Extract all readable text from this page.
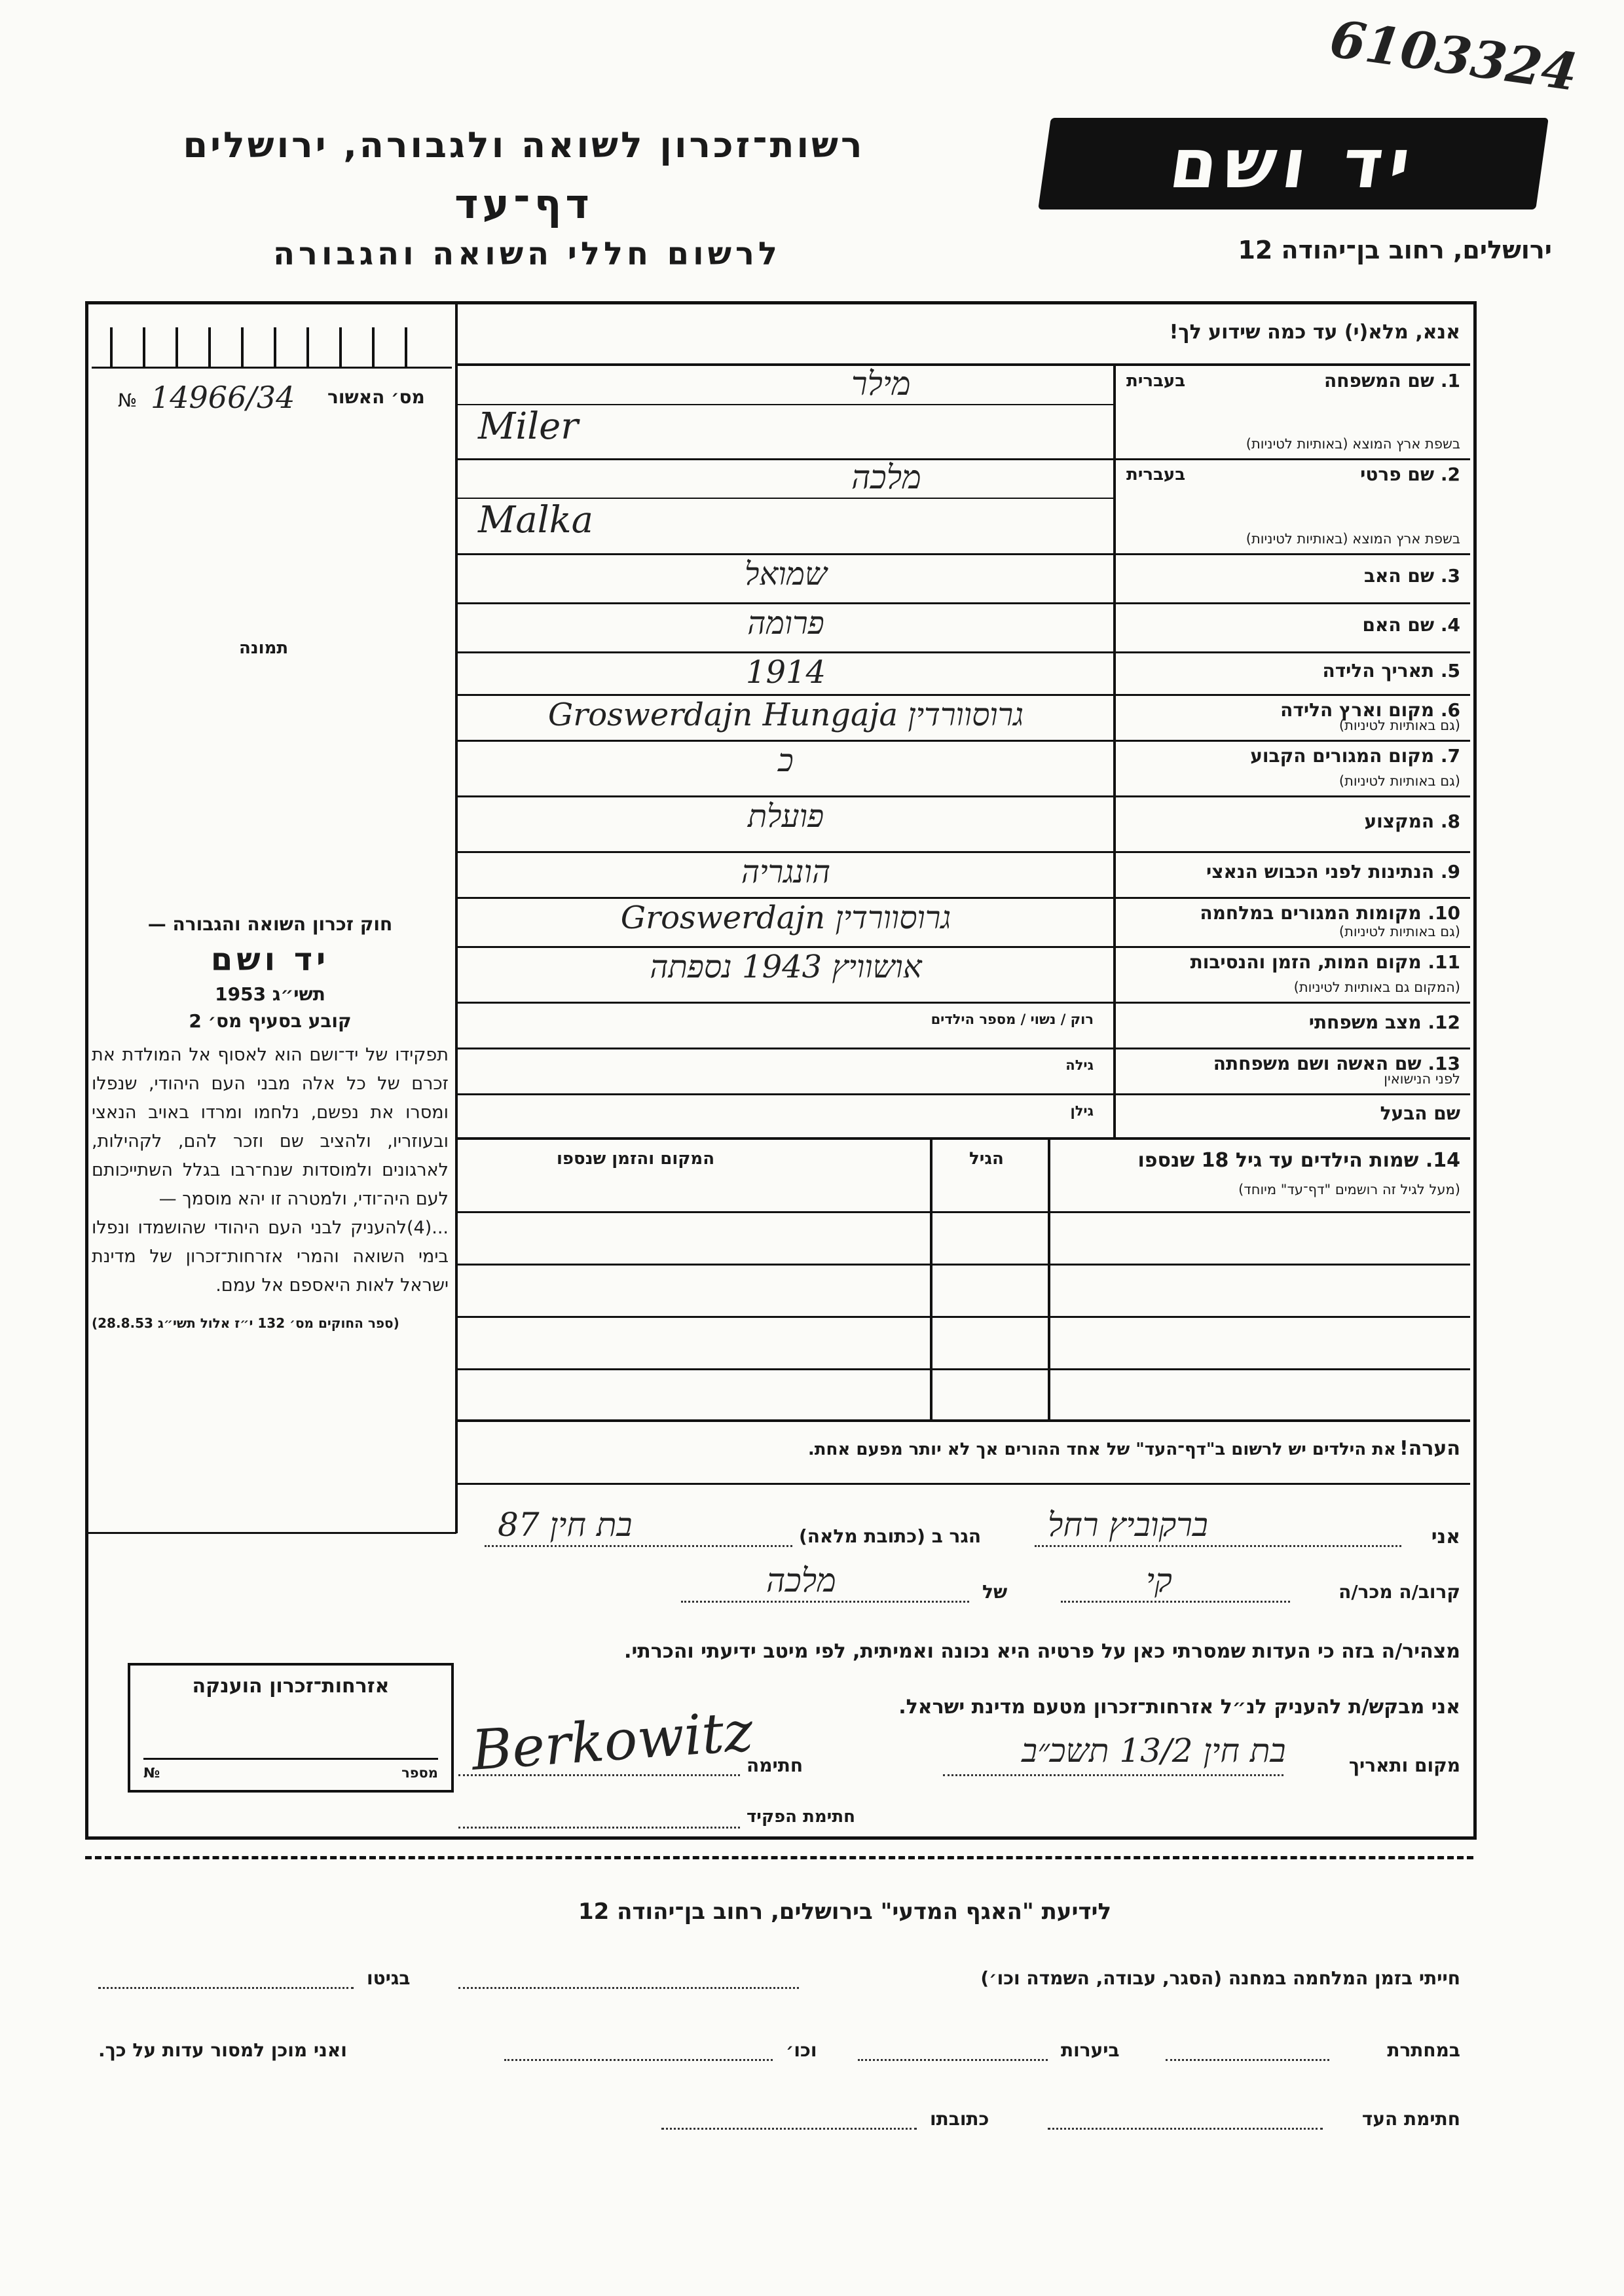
6103324
רשות־זכרון לשואה ולגבורה, ירושלים
דף־עד
לרשום חללי השואה והגבורה
יד ושם
ירושלים, רחוב בן־יהודה 12
№ 14966/34 מס׳ האשור
תמונה
אנא, מלא(י) עד כמה שידוע לך!
1. שם המשפחה
בשפת ארץ המוצא (באותיות לטיניות)
בעברית
מילר
Miler
2. שם פרטי
בשפת ארץ המוצא (באותיות לטיניות)
בעברית
מלכה
Malka
3. שם האב
שמואל
4. שם האם
פרומה
5. תאריך הלידה
1914
6. מקום וארץ הלידה
(גם באותיות לטיניות)
גרוסוורדין Groswerdajn Hungaja
7. מקום המגורים הקבוע
(גם באותיות לטיניות)
כ
8. המקצוע
פועלת
9. הנתינות לפני הכבוש הנאצי
הונגריה
10. מקומות המגורים במלחמה
(גם באותיות לטיניות)
גרוסוורדין Groswerdajn
11. מקום המות, הזמן והנסיבות
(המקום גם באותיות לטיניות)
אושוויץ 1943 נספתה
12. מצב משפחתי
רוק / נשוי / מספר הילדים
13. שם האשה ושם משפחתה
לפני הנישואין
גילה
שם הבעל
גילן
14. שמות הילדים עד גיל 18 שנספו
(מעל לגיל זה רושמים "דף־עד" מיוחד)
הגיל
המקום והזמן שנספו
הערה! את הילדים יש לרשום ב"דף־העד" של אחד ההורים אך לא יותר מפעם אחת.
חוק זכרון השואה והגבורה —
יד ושם
תשי״ג 1953
קובע בסעיף מס׳ 2
תפקידו של יד־ושם הוא לאסוף אל המולדת את זכרם של כל אלה מבני העם היהודי, שנפלו ומסרו את נפשם, נלחמו ומרדו באויב הנאצי ובעוזריו, ולהציב שם וזכר להם, לקהילות, לארגונים ולמוסדות שנח־רבו בגלל השתייכותם לעם היה־ודי, ולמטרה זו יהא מוסמך —
...(4)להעניק לבני העם היהודי שהושמדו ונפלו בימי השואה והמרי אזרחות־זכרון של מדינת ישראל לאות היאספם אל עמם.
(ספר החוקים מס׳ 132 י״ז אלול תשי״ג 28.8.53)
אזרחות־זכרון הוענקה
מספר
№
אני
ברקוביץ רחל
הגר ב (כתובת מלאה)
בת חין 87
קרוב/ה מכר/ה
קי
של
מלכה
מצהיר/ה בזה כי העדות שמסרתי כאן על פרטיה היא נכונה ואמיתית, לפי מיטב ידיעתי והכרתי.
אני מבקש/ת להעניק לנ״ל אזרחות־זכרון מטעם מדינת ישראל.
מקום ותאריך
בת חין 13/2 תשכ״ב
חתימה
Berkowitz
חתימת הפקיד
לידיעת "האגף המדעי" בירושלים, רחוב בן־יהודה 12
חייתי בזמן המלחמה במחנה (הסגר, עבודה, השמדה וכו׳)
בגיטו
במחתרת
ביערות
וכו׳
ואני מוכן למסור עדות על כך.
חתימת העד
כתובתו
